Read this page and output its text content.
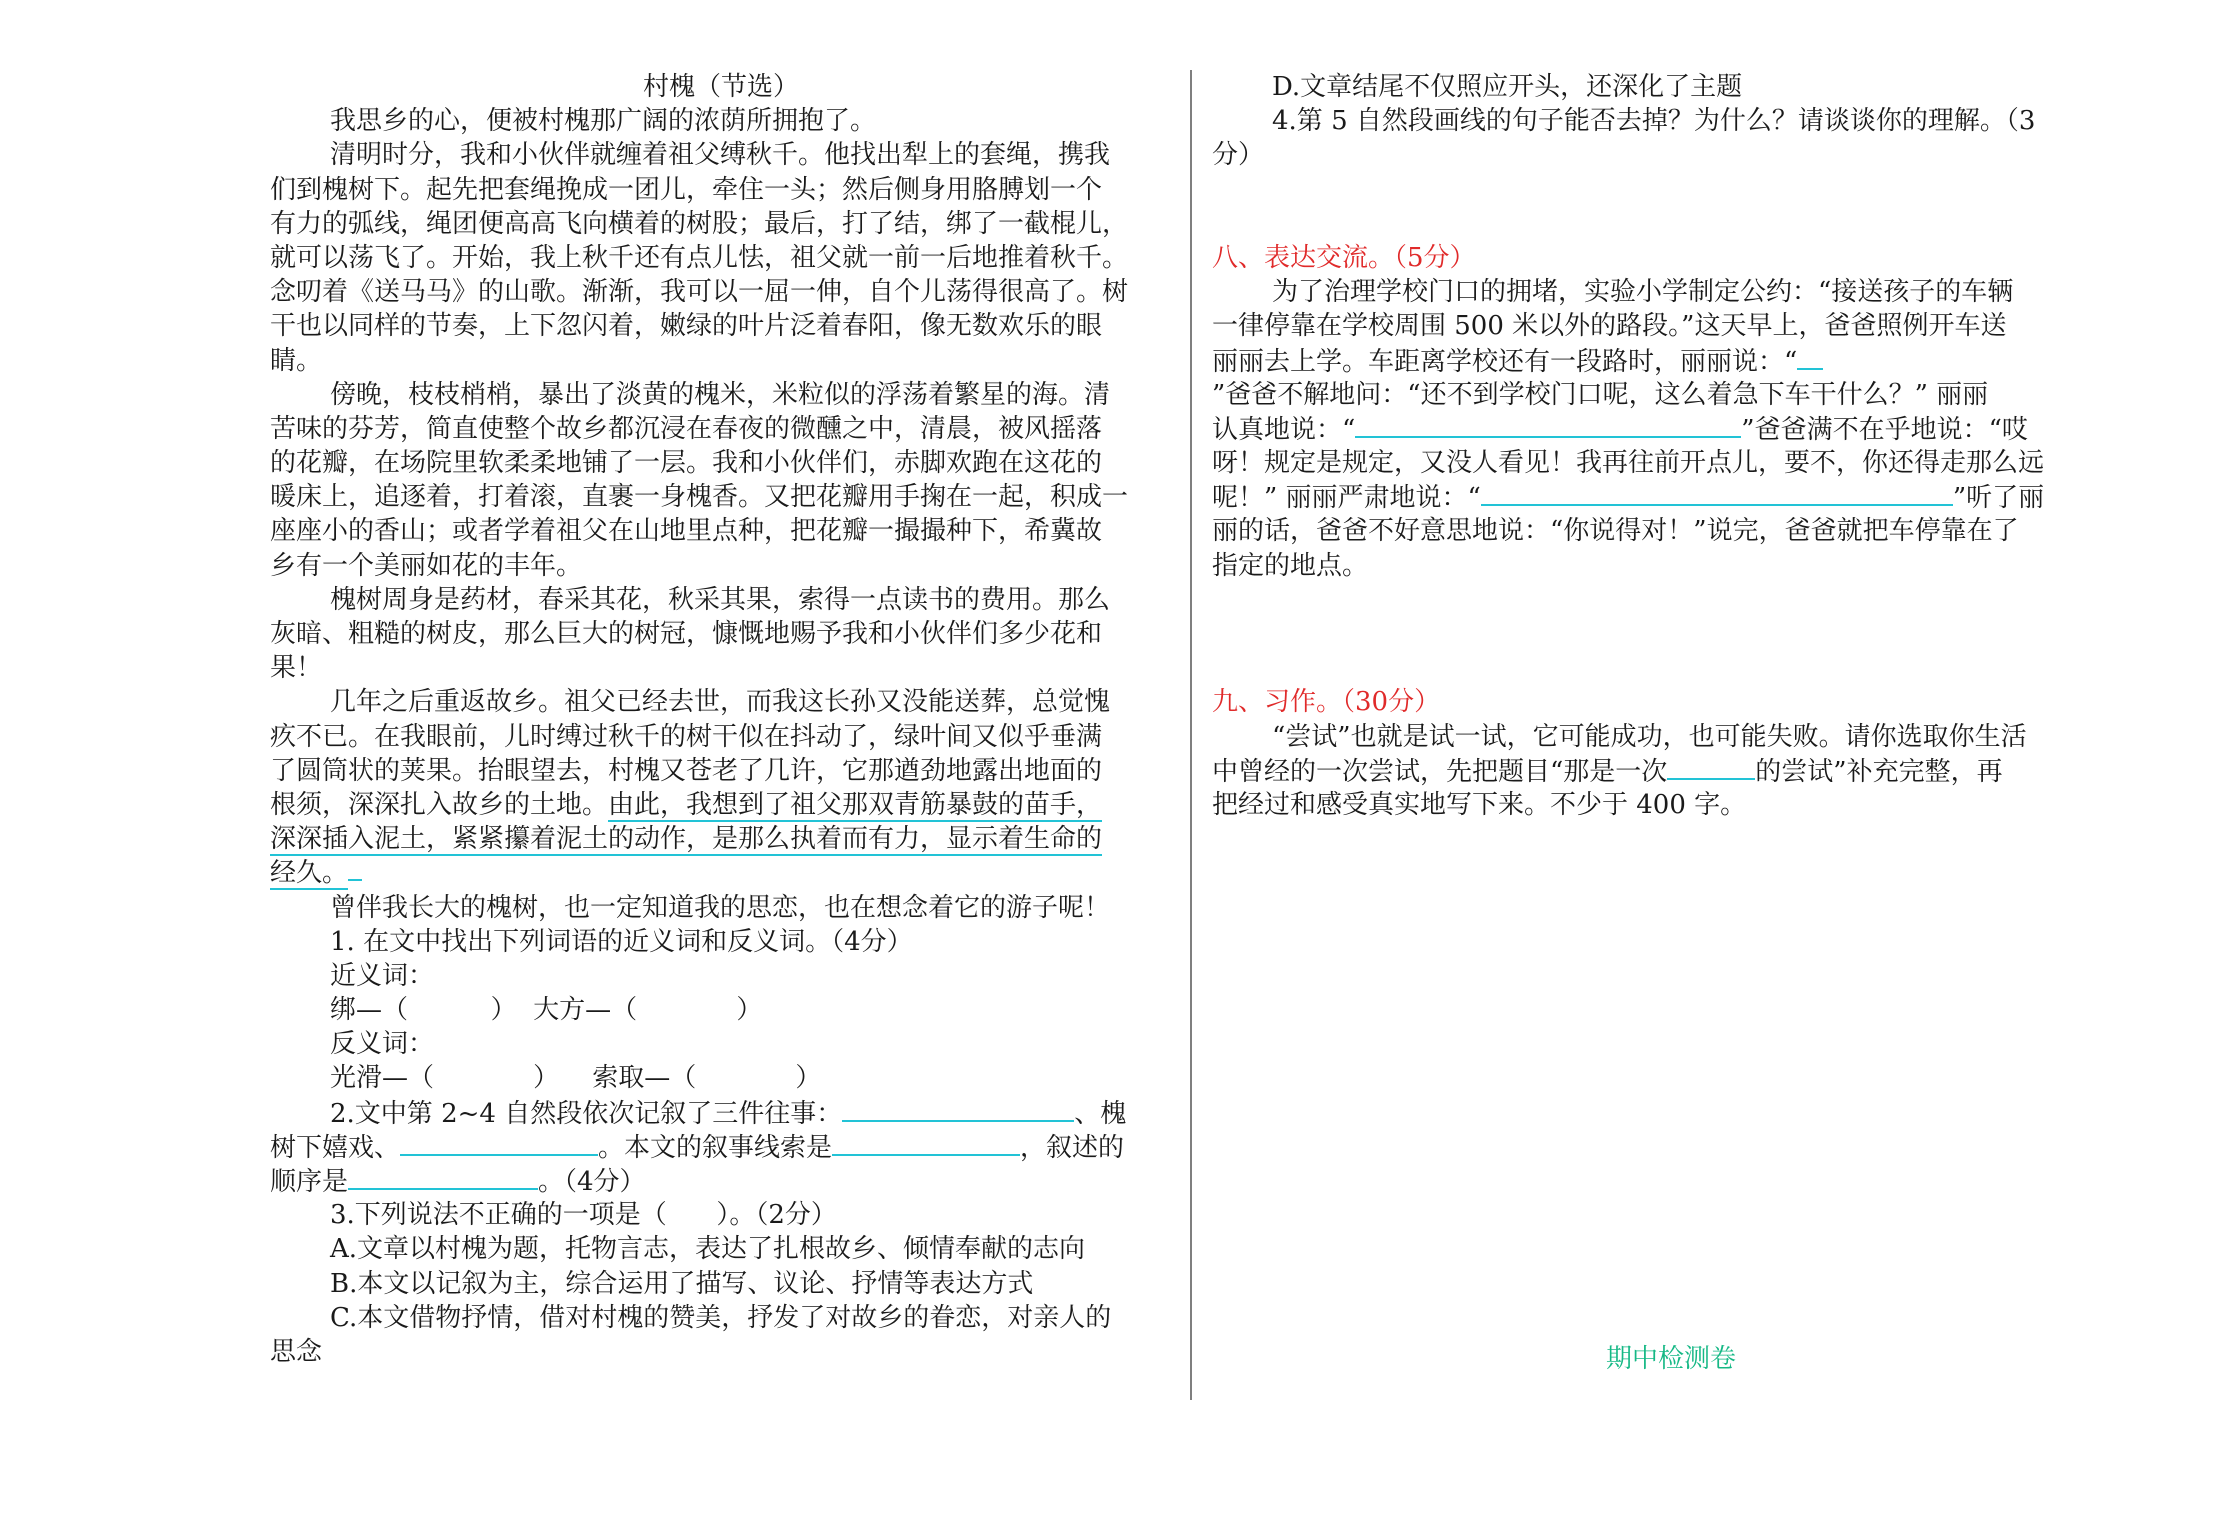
村槐（节选）
我思乡的心，便被村槐那广阔的浓荫所拥抱了。
清明时分，我和小伙伴就缠着祖父缚秋千。他找出犁上的套绳，携我
们到槐树下。起先把套绳挽成一团儿，牵住一头；然后侧身用胳膊划一个
有力的弧线，绳团便高高飞向横着的树股；最后，打了结，绑了一截棍儿，
就可以荡飞了。开始，我上秋千还有点儿怯，祖父就一前一后地推着秋千。
念叨着《送马马》的山歌。渐渐，我可以一屈一伸，自个儿荡得很高了。树
干也以同样的节奏，上下忽闪着，嫩绿的叶片泛着春阳，像无数欢乐的眼
睛。
傍晚，枝枝梢梢，暴出了淡黄的槐米，米粒似的浮荡着繁星的海。清
苦味的芬芳，简直使整个故乡都沉浸在春夜的微醺之中，清晨，被风摇落
的花瓣，在场院里软柔柔地铺了一层。我和小伙伴们，赤脚欢跑在这花的
暖床上，追逐着，打着滚，直裹一身槐香。又把花瓣用手掬在一起，积成一
座座小的香山；或者学着祖父在山地里点种，把花瓣一撮撮种下，希冀故
乡有一个美丽如花的丰年。
槐树周身是药材，春采其花，秋采其果，索得一点读书的费用。那么
灰暗、粗糙的树皮，那么巨大的树冠，慷慨地赐予我和小伙伴们多少花和
果！
几年之后重返故乡。祖父已经去世，而我这长孙又没能送葬，总觉愧
疚不已。在我眼前，儿时缚过秋千的树干似在抖动了，绿叶间又似乎垂满
了圆筒状的荚果。抬眼望去，村槐又苍老了几许，它那遒劲地露出地面的
根须，深深扎入故乡的土地。由此，我想到了祖父那双青筋暴鼓的苗手，
深深插入泥土，紧紧攥着泥土的动作，是那么执着而有力，显示着生命的
经久。
曾伴我长大的槐树，也一定知道我的思恋，也在想念着它的游子呢！
1. 在文中找出下列词语的近义词和反义词。（4分）
近义词：
绑—（          ）  大方—（            ）
反义词：
光滑—（            ）    索取—（            ）
2.文中第 2~4 自然段依次记叙了三件往事：	、槐
树下嬉戏、	。本文的叙事线索是	，叙述的
顺序是	。（4分）
3.下列说法不正确的一项是（      ）。（2分）
A.文章以村槐为题，托物言志，表达了扎根故乡、倾情奉献的志向
B.本文以记叙为主，综合运用了描写、议论、抒情等表达方式
C.本文借物抒情，借对村槐的赞美，抒发了对故乡的眷恋，对亲人的
思念
D.文章结尾不仅照应开头，还深化了主题
4.第 5 自然段画线的句子能否去掉？为什么？请谈谈你的理解。（3
分）
八、表达交流。（5分）
为了治理学校门口的拥堵，实验小学制定公约：“接送孩子的车辆
一律停靠在学校周围 500 米以外的路段。”这天早上，爸爸照例开车送
丽丽去上学。车距离学校还有一段路时，丽丽说：“
”爸爸不解地问：“还不到学校门口呢，这么着急下车干什么？” 丽丽
认真地说：“	”爸爸满不在乎地说：“哎
呀！规定是规定，又没人看见！我再往前开点儿，要不，你还得走那么远
呢！” 丽丽严肃地说：“	”听了丽
丽的话，爸爸不好意思地说：“你说得对！”说完，爸爸就把车停靠在了
指定的地点。
九、习作。（30分）
“尝试”也就是试一试，它可能成功，也可能失败。请你选取你生活
中曾经的一次尝试，先把题目“那是一次	的尝试”补充完整，再
把经过和感受真实地写下来。不少于 400 字。
期中检测卷
